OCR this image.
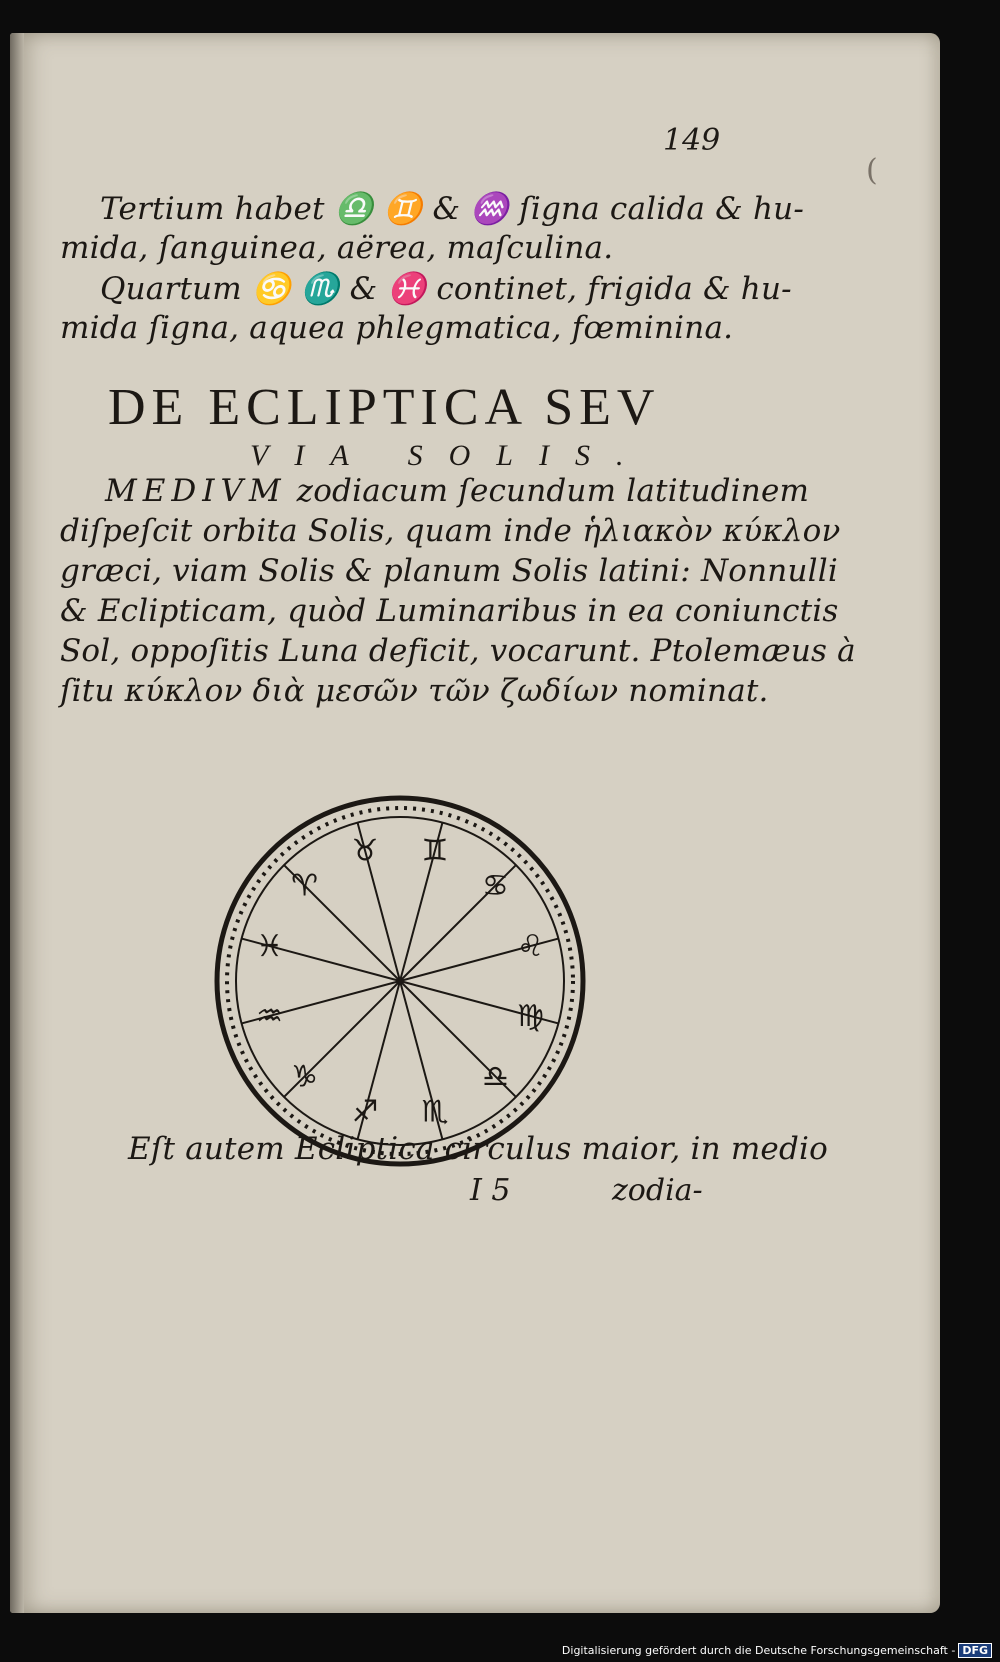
149
(
Tertium habet ♎ ♊ & ♒ ſigna calida & hu-
mida, ſanguinea, aërea, maſculina.
Quartum ♋ ♏ & ♓ continet, frigida & hu-
mida ſigna, aquea phlegmatica, fœminina.
DE ECLIPTICA SEV
VIA SOLIS.
MEDIVM zodiacum ſecundum latitudinem
diſpeſcit orbita Solis, quam inde ἡλιακὸν κύκλον
græci, viam Solis & planum Solis latini: Nonnulli
& Eclipticam, quòd Luminaribus in ea coniunctis
Sol, oppoſitis Luna deficit, vocarunt. Ptolemæus à
ſitu κύκλον διὰ μεσῶν τῶν ζωδίων nominat.
♊
♋
♌
♍
♎
♏
♐
♑
♒
♓
♈
♉
Eſt autem Ecliptica circulus maior, in medio
I 5	zodia-
Digitalisierung gefördert durch die Deutsche Forschungsgemeinschaft - DFG
